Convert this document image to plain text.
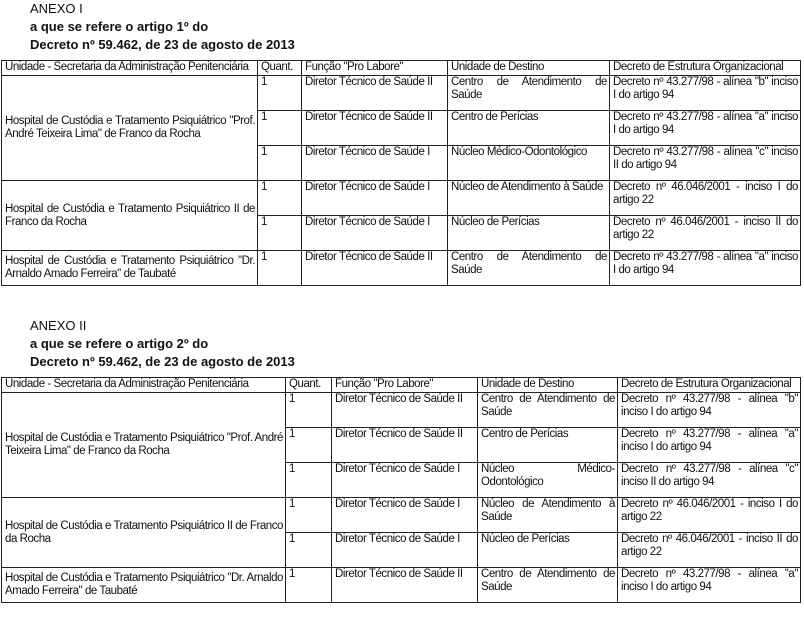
ANEXO I
a que se refere o artigo 1º do
Decreto nº 59.462, de 23 de agosto de 2013
Unidade - Secretaria da Administração Penitenciária	Quant.	Função "Pro Labore"	Unidade de Destino	Decreto de Estrutura Organizacional
Hospital de Custódia e Tratamento Psiquiátrico "Prof. André Teixeira Lima" de Franco da Rocha	1	Diretor Técnico de Saúde II	Centro de Atendimento de Saúde	Decreto nº 43.277/98 - alínea "b" inciso I do artigo 94
	1	Diretor Técnico de Saúde II	Centro de Perícias	Decreto nº 43.277/98 - alínea "a" inciso I do artigo 94
	1	Diretor Técnico de Saúde I	Núcleo Médico-Odontológico	Decreto nº 43.277/98 - alínea "c" inciso II do artigo 94
Hospital de Custódia e Tratamento Psiquiátrico II de Franco da Rocha	1	Diretor Técnico de Saúde I	Núcleo de Atendimento à Saúde	Decreto nº 46.046/2001 - inciso I do artigo 22
	1	Diretor Técnico de Saúde I	Núcleo de Perícias	Decreto nº 46.046/2001 - inciso II do artigo 22
Hospital de Custódia e Tratamento Psiquiátrico "Dr. Arnaldo Amado Ferreira" de Taubaté	1	Diretor Técnico de Saúde II	Centro de Atendimento de Saúde	Decreto nº 43.277/98 - alínea "a" inciso I do artigo 94
ANEXO II
a que se refere o artigo 2º do
Decreto nº 59.462, de 23 de agosto de 2013
Unidade - Secretaria da Administração Penitenciária	Quant.	Função "Pro Labore"	Unidade de Destino	Decreto de Estrutura Organizacional
Hospital de Custódia e Tratamento Psiquiátrico "Prof. André Teixeira Lima" de Franco da Rocha	1	Diretor Técnico de Saúde II	Centro de Atendimento de Saúde	Decreto nº 43.277/98 - alínea "b" inciso I do artigo 94
	1	Diretor Técnico de Saúde II	Centro de Perícias	Decreto nº 43.277/98 - alínea "a" inciso I do artigo 94
	1	Diretor Técnico de Saúde I	Núcleo Médico-Odontológico	Decreto nº 43.277/98 - alínea "c" inciso II do artigo 94
Hospital de Custódia e Tratamento Psiquiátrico II de Franco da Rocha	1	Diretor Técnico de Saúde I	Núcleo de Atendimento à Saúde	Decreto nº 46.046/2001 - inciso I do artigo 22
	1	Diretor Técnico de Saúde I	Núcleo de Perícias	Decreto nº 46.046/2001 - inciso II do artigo 22
Hospital de Custódia e Tratamento Psiquiátrico "Dr. Arnaldo Amado Ferreira" de Taubaté	1	Diretor Técnico de Saúde II	Centro de Atendimento de Saúde	Decreto nº 43.277/98 - alínea "a" inciso I do artigo 94
